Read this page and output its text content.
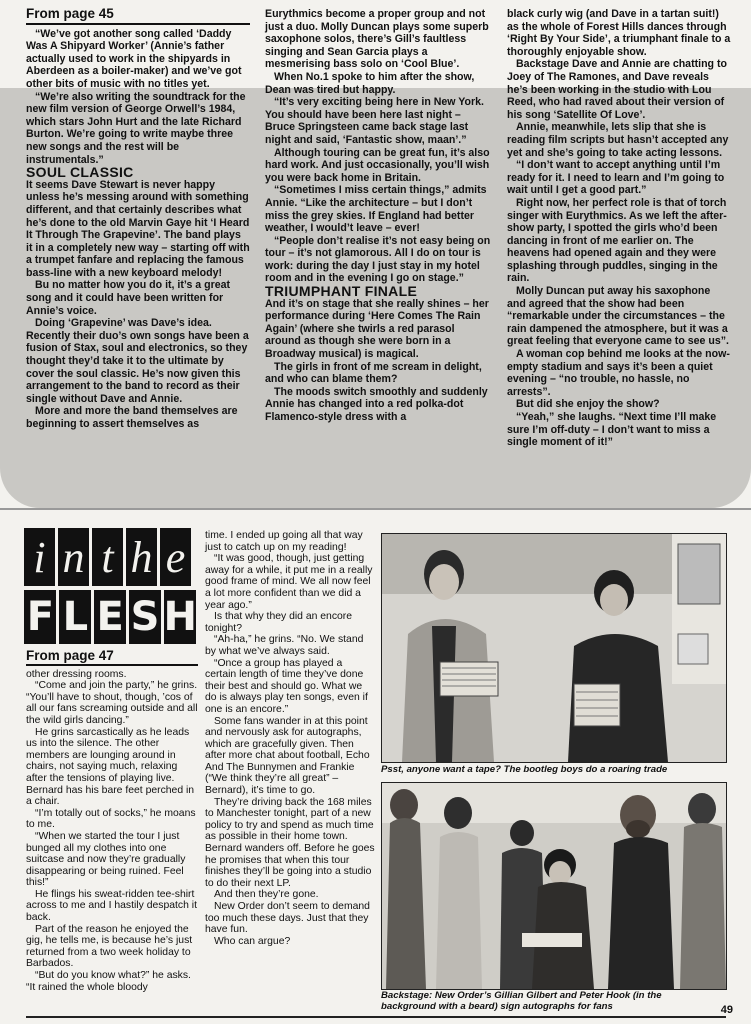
From page 45

“We’ve got another song called ‘Daddy Was A Shipyard Worker’ (Annie’s father actually used to work in the shipyards in Aberdeen as a boiler-maker) and we’ve got other bits of music with no titles yet.

“We’re also writing the soundtrack for the new film version of George Orwell’s 1984, which stars John Hurt and the late Richard Burton. We’re going to write maybe three new songs and the rest will be instrumentals.”

SOUL CLASSIC

It seems Dave Stewart is never happy unless he’s messing around with something different, and that certainly describes what he’s done to the old Marvin Gaye hit ‘I Heard It Through The Grapevine’. The band plays it in a completely new way – starting off with a trumpet fanfare and replacing the famous bass-line with a new keyboard melody!

Bu no matter how you do it, it’s a great song and it could have been written for Annie’s voice.

Doing ‘Grapevine’ was Dave’s idea. Recently their duo’s own songs have been a fusion of Stax, soul and electronics, so they thought they’d take it to the ultimate by cover the soul classic. He’s now given this arrangement to the band to record as their single without Dave and Annie.

More and more the band themselves are beginning to assert themselves as

Eurythmics become a proper group and not just a duo. Molly Duncan plays some superb saxophone solos, there’s Gill’s faultless singing and Sean Garcia plays a mesmerising bass solo on ‘Cool Blue’.

When No.1 spoke to him after the show, Dean was tired but happy.

“It’s very exciting being here in New York. You should have been here last night – Bruce Springsteen came back stage last night and said, ‘Fantastic show, maan’.”

Although touring can be great fun, it’s also hard work. And just occasionally, you’ll wish you were back home in Britain.

“Sometimes I miss certain things,” admits Annie. “Like the architecture – but I don’t miss the grey skies. If England had better weather, I would’t leave – ever!

“People don’t realise it’s not easy being on tour – it’s not glamorous. All I do on tour is work: during the day I just stay in my hotel room and in the evening I go on stage.”

TRIUMPHANT FINALE

And it’s on stage that she really shines – her performance during ‘Here Comes The Rain Again’ (where she twirls a red parasol around as though she were born in a Broadway musical) is magical.

The girls in front of me scream in delight, and who can blame them?

The moods switch smoothly and suddenly Annie has changed into a red polka-dot Flamenco-style dress with a

black curly wig (and Dave in a tartan suit!) as the whole of Forest Hills dances through ‘Right By Your Side’, a triumphant finale to a thoroughly enjoyable show.

Backstage Dave and Annie are chatting to Joey of The Ramones, and Dave reveals he’s been working in the studio with Lou Reed, who had raved about their version of his song ‘Satellite Of Love’.

Annie, meanwhile, lets slip that she is reading film scripts but hasn’t accepted any yet and she’s going to take acting lessons.

“I don’t want to accept anything until I’m ready for it. I need to learn and I’m going to wait until I get a good part.”

Right now, her perfect role is that of torch singer with Eurythmics. As we left the after-show party, I spotted the girls who’d been dancing in front of me earlier on. The heavens had opened again and they were splashing through puddles, singing in the rain.

Molly Duncan put away his saxophone and agreed that the show had been “remarkable under the circumstances – the rain dampened the atmosphere, but it was a great feeling that everyone came to see us”.

A woman cop behind me looks at the now-empty stadium and says it’s been a quiet evening – “no trouble, no hassle, no arrests”.

But did she enjoy the show?

“Yeah,” she laughs. “Next time I’ll make sure I’m off-duty – I don’t want to miss a single moment of it!”

i n t h e
F L E S H
From page 47

other dressing rooms.

“Come and join the party,” he grins. “You’ll have to shout, though, ’cos of all our fans screaming outside and all the wild girls dancing.”

He grins sarcastically as he leads us into the silence. The other members are lounging around in chairs, not saying much, relaxing after the tensions of playing live. Bernard has his bare feet perched in a chair.

“I’m totally out of socks,” he moans to me.

“When we started the tour I just bunged all my clothes into one suitcase and now they’re gradually disappearing or being ruined. Feel this!”

He flings his sweat-ridden tee-shirt across to me and I hastily despatch it back.

Part of the reason he enjoyed the gig, he tells me, is because he’s just returned from a two week holiday to Barbados.

“But do you know what?” he asks. “It rained the whole bloody

time. I ended up going all that way just to catch up on my reading!

“It was good, though, just getting away for a while, it put me in a really good frame of mind. We all now feel a lot more confident than we did a year ago.”

Is that why they did an encore tonight?

“Ah-ha,” he grins. “No. We stand by what we’ve always said.

“Once a group has played a certain length of time they’ve done their best and should go. What we do is always play ten songs, even if one is an encore.”

Some fans wander in at this point and nervously ask for autographs, which are gracefully given. Then after more chat about football, Echo And The Bunnymen and Frankie (“We think they’re all great” – Bernard), it’s time to go.

They’re driving back the 168 miles to Manchester tonight, part of a new policy to try and spend as much time as possible in their home town. Bernard wanders off. Before he goes he promises that when this tour finishes they’ll be going into a studio to do their next LP.

And then they’re gone.

New Order don’t seem to demand too much these days. Just that they have fun.

Who can argue?

Psst, anyone want a tape? The bootleg boys do a roaring trade
Backstage: New Order’s Gillian Gilbert and Peter Hook (in the background with a beard) sign autographs for fans	49
